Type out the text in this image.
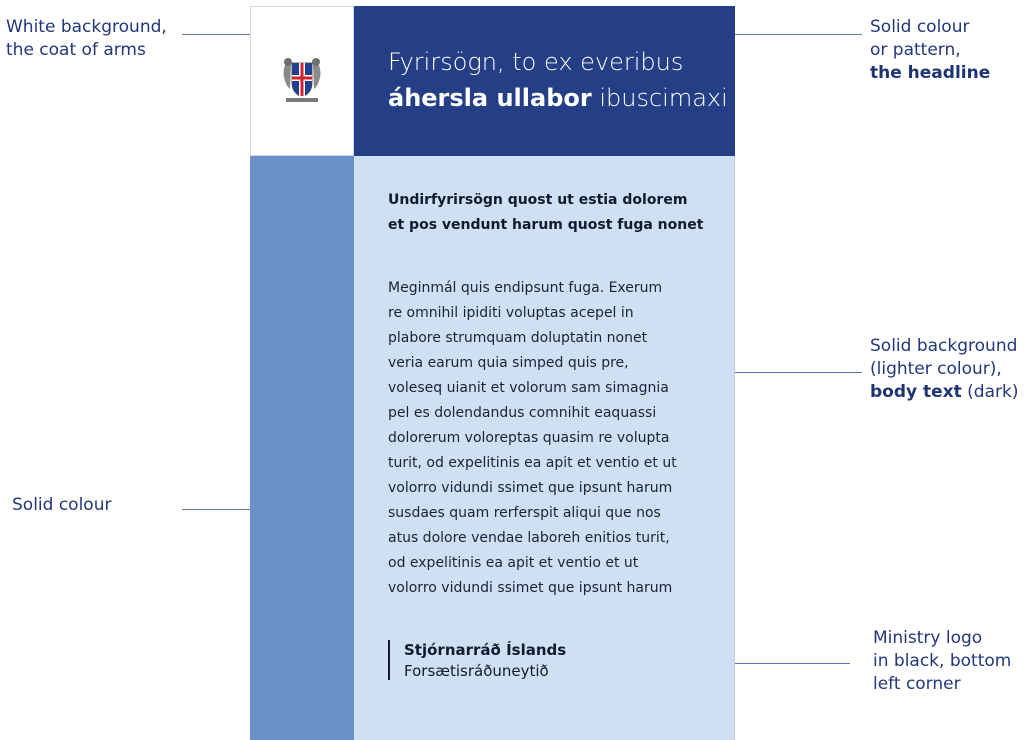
White background,
the coat of arms
Solid colour
or pattern,
the headline
Solid background
(lighter colour),
body text (dark)
Solid colour
Ministry logo
in black, bottom
left corner
Fyrirsögn, to ex everibus
áhersla ullabor ibuscimaxi
Undirfyrirsögn quost ut estia dolorem
et pos vendunt harum quost fuga nonet
Meginmál quis endipsunt fuga. Exerum
re omnihil ipiditi voluptas acepel in
plabore strumquam doluptatin nonet
veria earum quia simped quis pre,
voleseq uianit et volorum sam simagnia
pel es dolendandus comnihit eaquassi
dolorerum voloreptas quasim re volupta
turit, od expelitinis ea apit et ventio et ut
volorro vidundi ssimet que ipsunt harum
susdaes quam rerferspit aliqui que nos
atus dolore vendae laboreh enitios turit,
od expelitinis ea apit et ventio et ut
volorro vidundi ssimet que ipsunt harum
Stjórnarráð Íslands
Forsætisráðuneytið
